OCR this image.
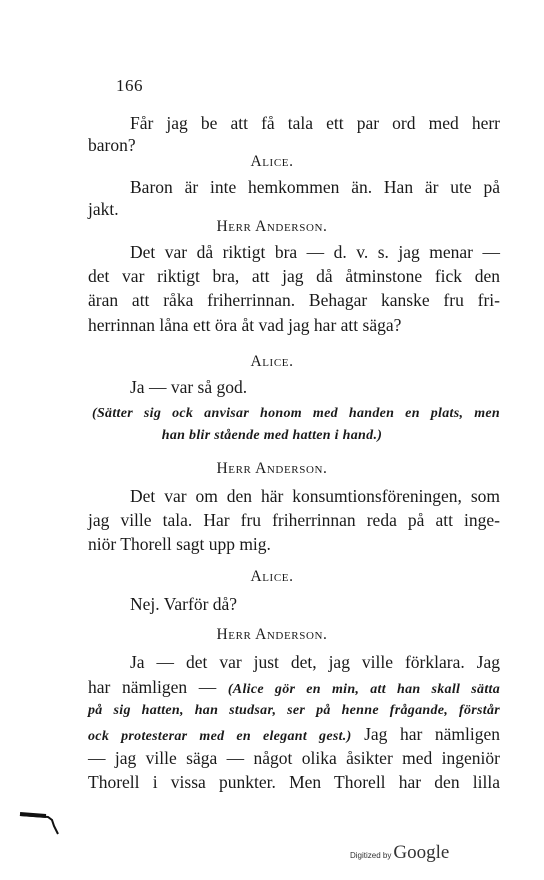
166
Får jag be att få tala ett par ord med herr
baron?
Alice.
Baron är inte hemkommen än. Han är ute på
jakt.
Herr Anderson.
Det var då riktigt bra — d. v. s. jag menar —
det var riktigt bra, att jag då åtminstone fick den
äran att råka friherrinnan. Behagar kanske fru fri-
herrinnan låna ett öra åt vad jag har att säga?
Alice.
Ja — var så god.
(Sätter sig ock anvisar honom med handen en plats, men
han blir stående med hatten i hand.)
Herr Anderson.
Det var om den här konsumtionsföreningen, som
jag ville tala. Har fru friherrinnan reda på att inge-
niör Thorell sagt upp mig.
Alice.
Nej. Varför då?
Herr Anderson.
Ja — det var just det, jag ville förklara. Jag
har nämligen — (Alice gör en min, att han skall sätta
på sig hatten, han studsar, ser på henne frågande, förstår
ock protesterar med en elegant gest.) Jag har nämligen
— jag ville säga — något olika åsikter med ingeniör
Thorell i vissa punkter. Men Thorell har den lilla
Digitized by Google
